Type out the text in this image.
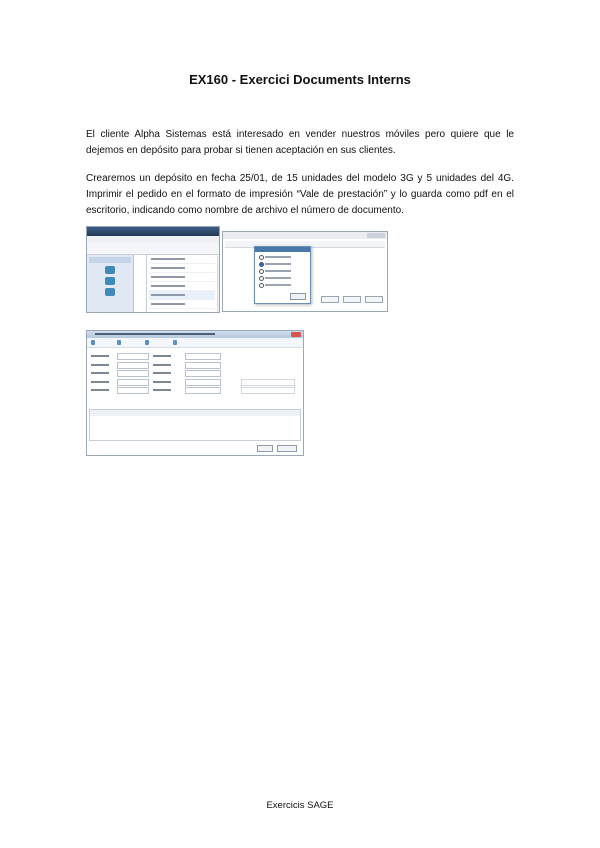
EX160 - Exercici Documents Interns
El cliente Alpha Sistemas está interesado en vender nuestros móviles pero quiere que le dejemos en depósito para probar si tienen aceptación en sus clientes.
Crearemos un depósito en fecha 25/01, de 15 unidades del modelo 3G y 5 unidades del 4G. Imprimir el pedido en el formato de impresión “Vale de prestación” y lo guarda como pdf en el escritorio, indicando como nombre de archivo el número de documento.
Exercicis SAGE
